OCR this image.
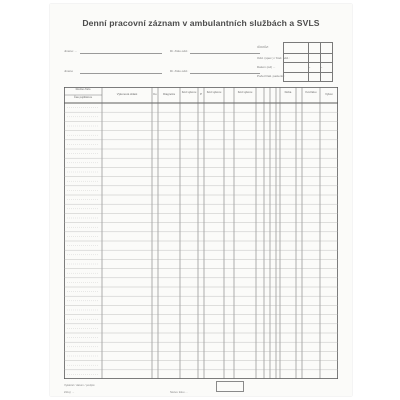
Denní pracovní záznam v ambulantních službách a SVLS
Jméno: ...
Jméno
Dr. číslo odd.:
Dr. číslo odd.:
IČO/IČZ:
Odd. (spec.) / Kód. odd.:
Datum (od) ...
Počet hlaš. pacientů:
-	-
Rodné číslo
Čas pojištěnce
Výkonová oblast	Ko	Diagnóza	Kód výkonu	P	Kód výkonu	Kód výkonu	Doba	Kód léku	Výkon
Vykázal / datum / podpis:
Zdroj: ...	Název tisku ...
